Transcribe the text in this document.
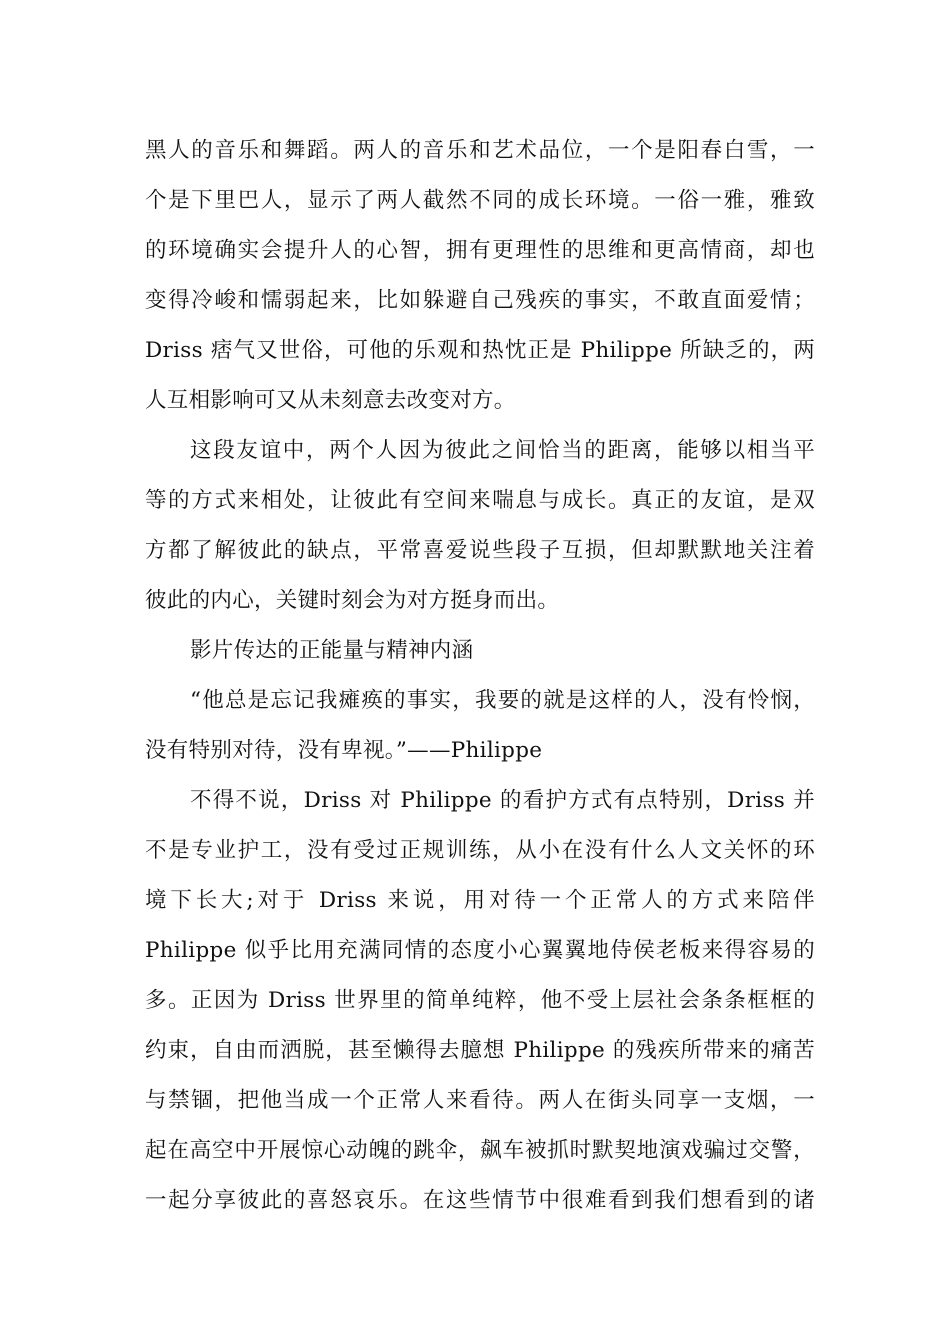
黑人的音乐和舞蹈。两人的音乐和艺术品位，一个是阳春白雪，一
个是下里巴人，显示了两人截然不同的成长环境。一俗一雅，雅致
的环境确实会提升人的心智，拥有更理性的思维和更高情商，却也
变得冷峻和懦弱起来，比如躲避自己残疾的事实，不敢直面爱情；
Driss 痞气又世俗，可他的乐观和热忱正是 Philippe 所缺乏的，两
人互相影响可又从未刻意去改变对方。
这段友谊中，两个人因为彼此之间恰当的距离，能够以相当平
等的方式来相处，让彼此有空间来喘息与成长。真正的友谊，是双
方都了解彼此的缺点，平常喜爱说些段子互损，但却默默地关注着
彼此的内心，关键时刻会为对方挺身而出。
影片传达的正能量与精神内涵
“他总是忘记我瘫痪的事实，我要的就是这样的人，没有怜悯，
没有特别对待，没有卑视。”——Philippe
不得不说，Driss 对 Philippe 的看护方式有点特别，Driss 并
不是专业护工，没有受过正规训练，从小在没有什么人文关怀的环
境下长大;对于 Driss 来说，用对待一个正常人的方式来陪伴
Philippe 似乎比用充满同情的态度小心翼翼地侍侯老板来得容易的
多。正因为 Driss 世界里的简单纯粹，他不受上层社会条条框框的
约束，自由而洒脱，甚至懒得去臆想 Philippe 的残疾所带来的痛苦
与禁锢，把他当成一个正常人来看待。两人在街头同享一支烟，一
起在高空中开展惊心动魄的跳伞，飙车被抓时默契地演戏骗过交警，
一起分享彼此的喜怒哀乐。在这些情节中很难看到我们想看到的诸
